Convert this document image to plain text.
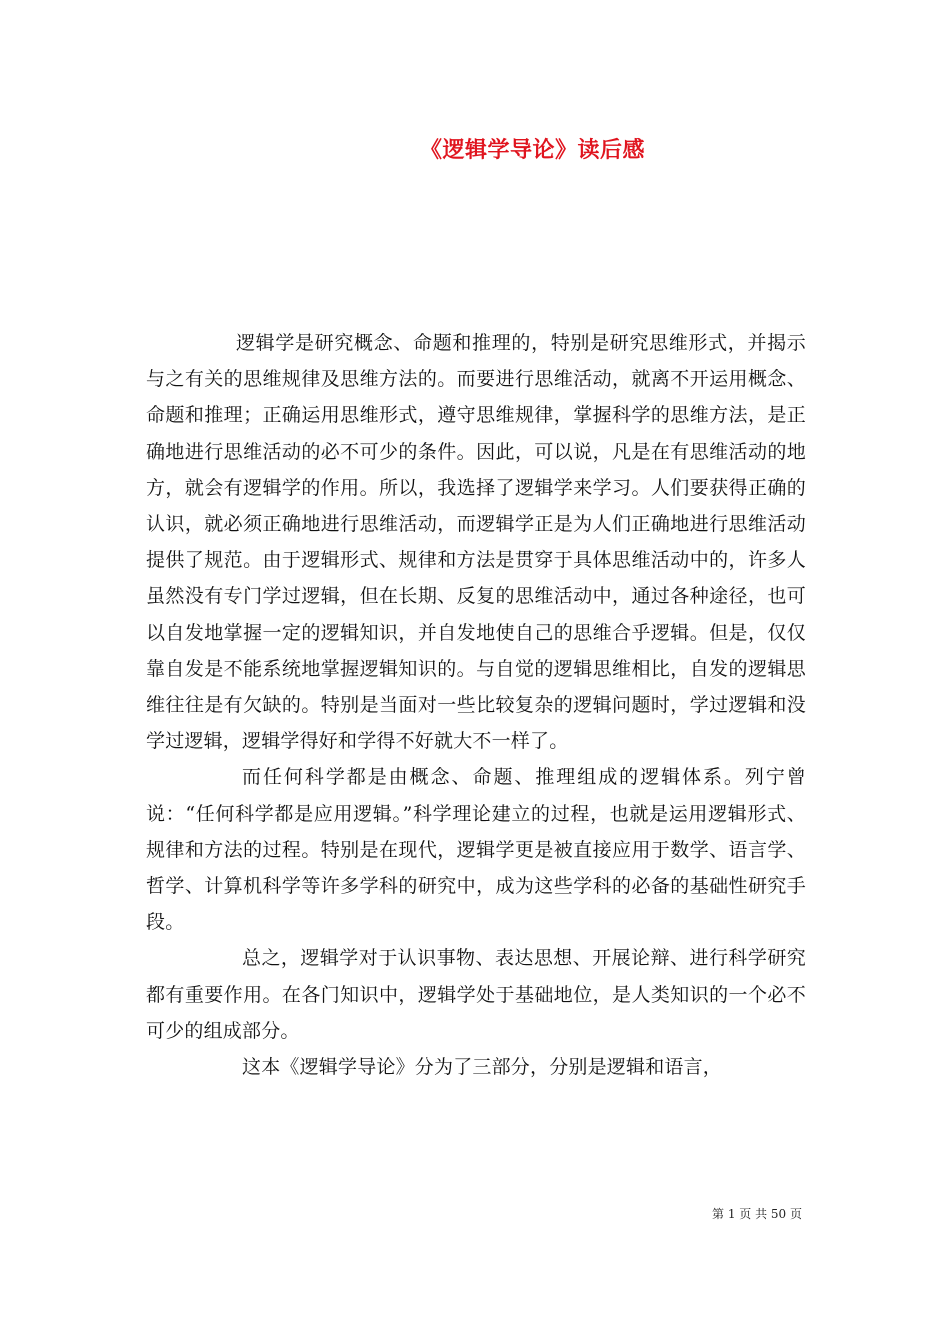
《逻辑学导论》读后感

逻辑学是研究概念、命题和推理的，特别是研究思维形式，并揭示与之有关的思维规律及思维方法的。而要进行思维活动，就离不开运用概念、命题和推理；正确运用思维形式，遵守思维规律，掌握科学的思维方法，是正确地进行思维活动的必不可少的条件。因此，可以说，凡是在有思维活动的地方，就会有逻辑学的作用。所以，我选择了逻辑学来学习。人们要获得正确的认识，就必须正确地进行思维活动，而逻辑学正是为人们正确地进行思维活动提供了规范。由于逻辑形式、规律和方法是贯穿于具体思维活动中的，许多人虽然没有专门学过逻辑，但在长期、反复的思维活动中，通过各种途径，也可以自发地掌握一定的逻辑知识，并自发地使自己的思维合乎逻辑。但是，仅仅靠自发是不能系统地掌握逻辑知识的。与自觉的逻辑思维相比，自发的逻辑思维往往是有欠缺的。特别是当面对一些比较复杂的逻辑问题时，学过逻辑和没学过逻辑，逻辑学得好和学得不好就大不一样了。

而任何科学都是由概念、命题、推理组成的逻辑体系。列宁曾说：“任何科学都是应用逻辑。”科学理论建立的过程，也就是运用逻辑形式、规律和方法的过程。特别是在现代，逻辑学更是被直接应用于数学、语言学、哲学、计算机科学等许多学科的研究中，成为这些学科的必备的基础性研究手段。

总之，逻辑学对于认识事物、表达思想、开展论辩、进行科学研究都有重要作用。在各门知识中，逻辑学处于基础地位，是人类知识的一个必不可少的组成部分。

这本《逻辑学导论》分为了三部分，分别是逻辑和语言，

第 1 页 共 50 页
